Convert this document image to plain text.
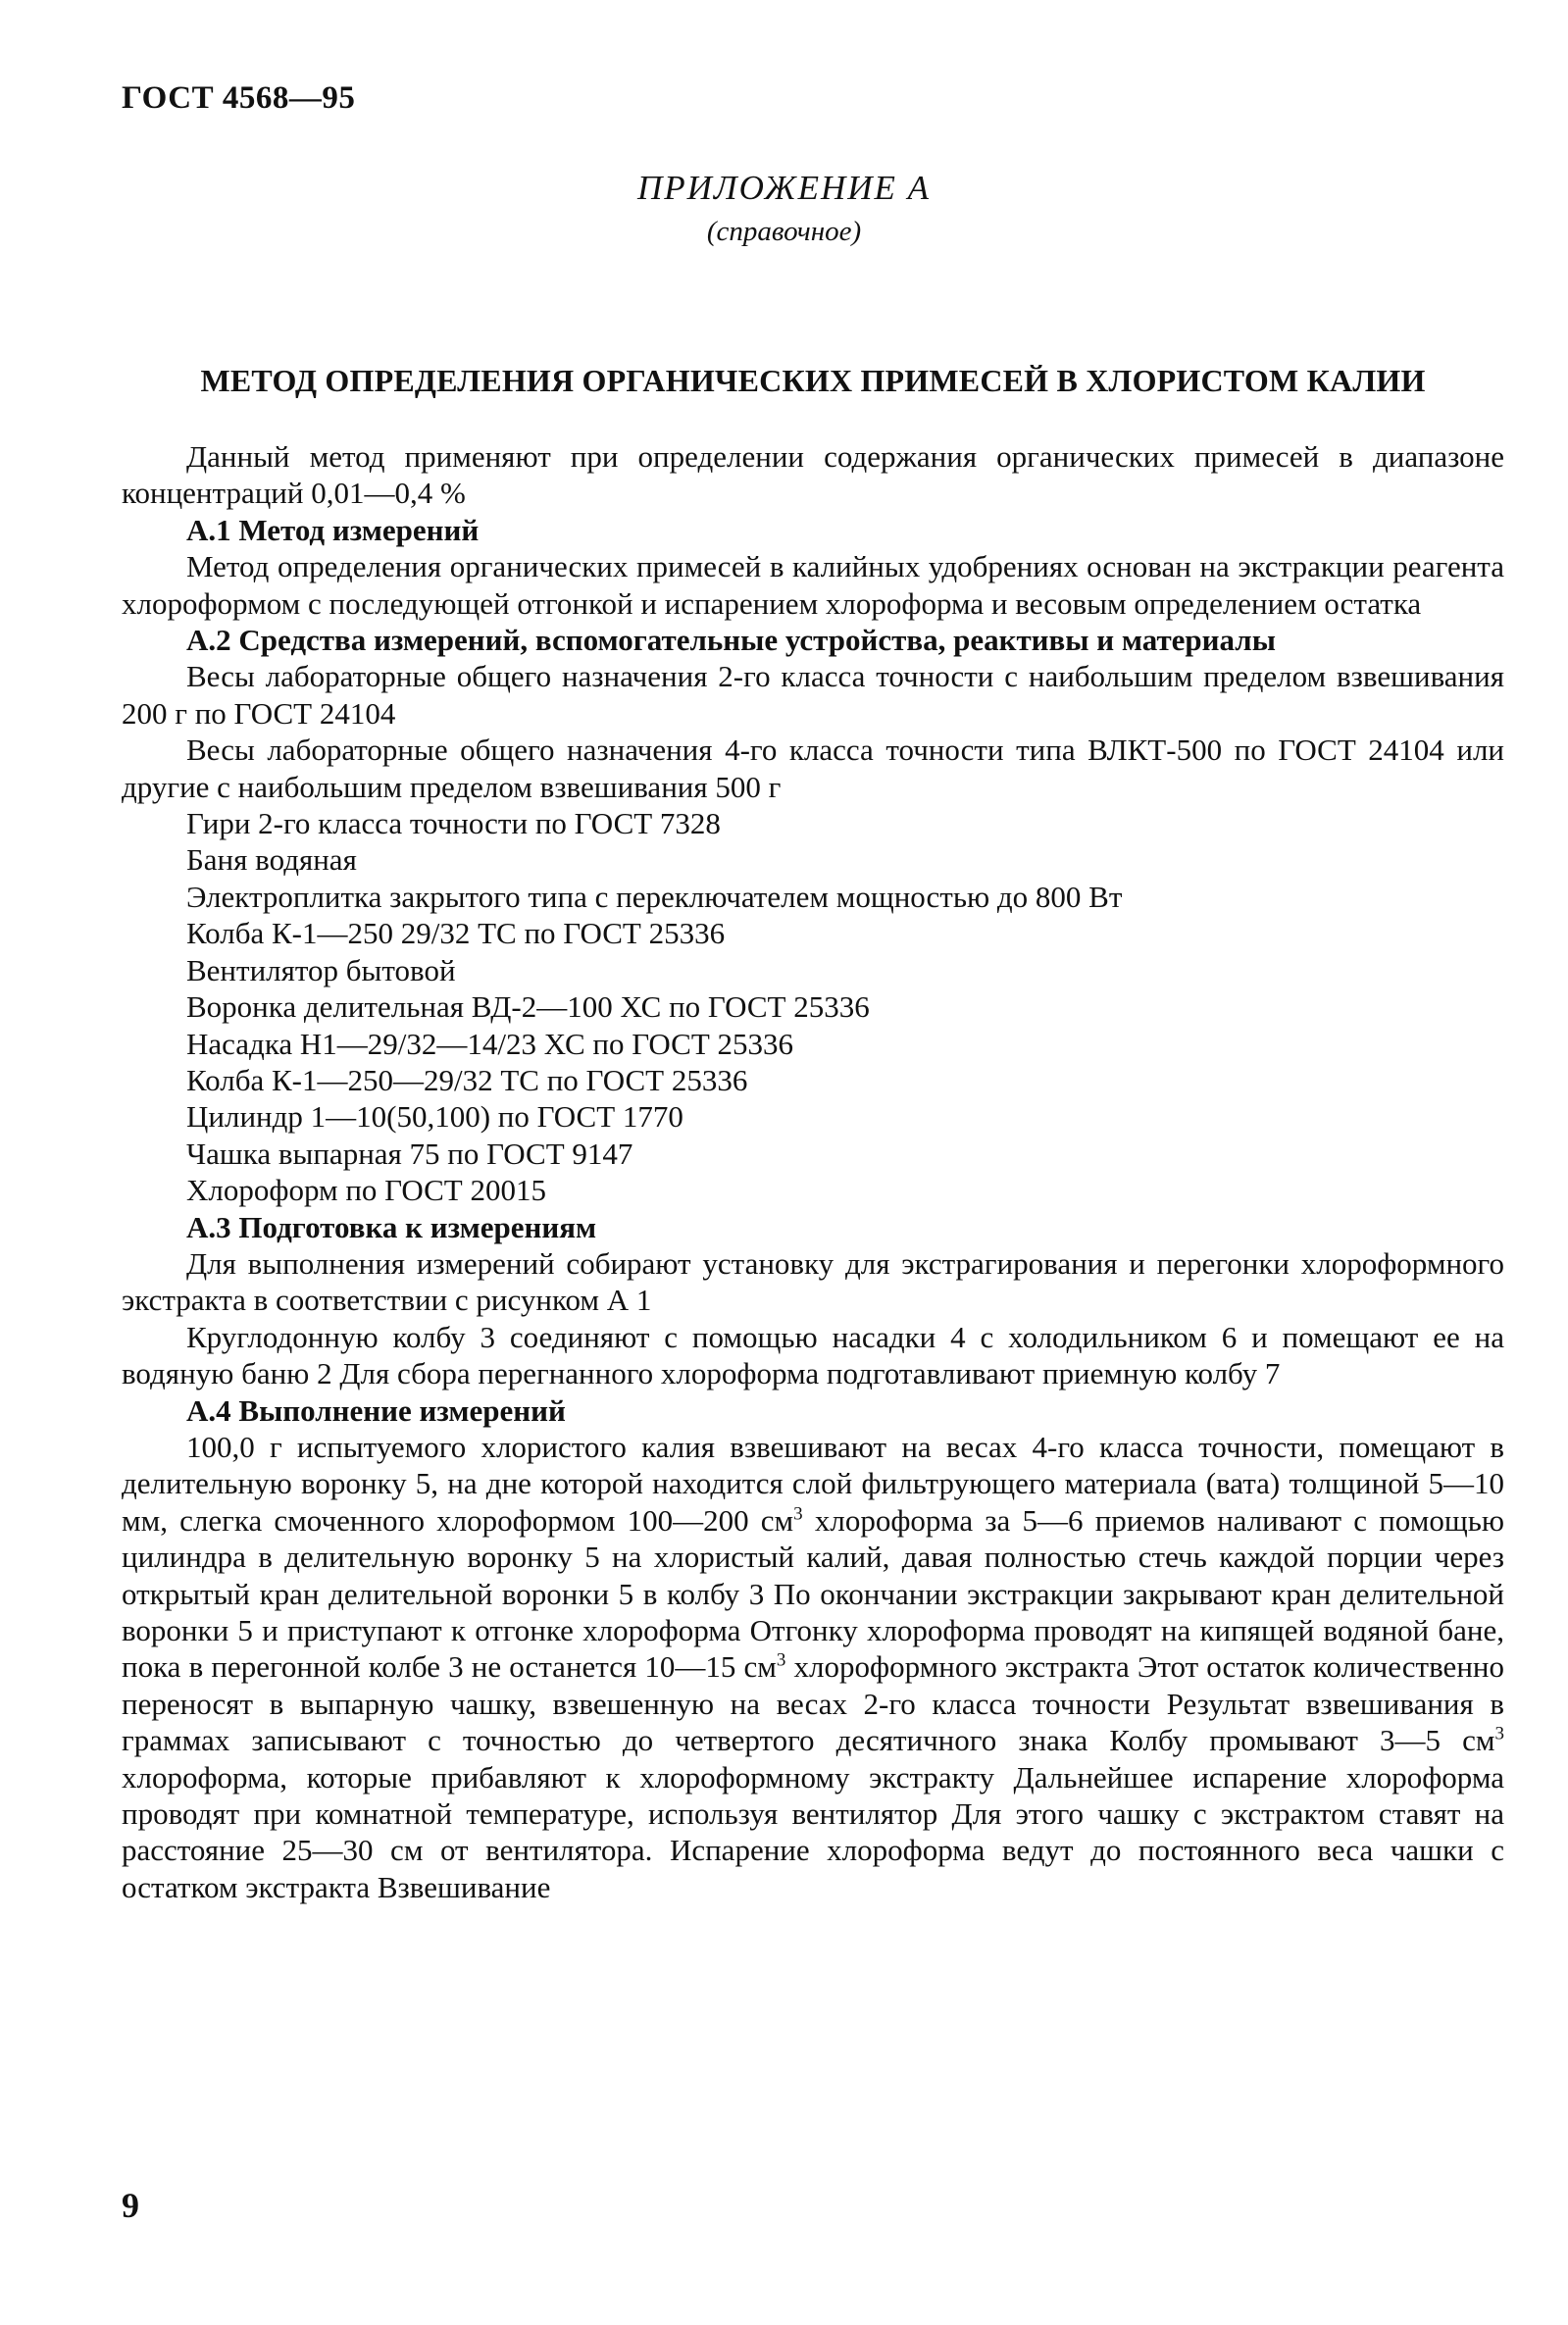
ГОСТ 4568—95
ПРИЛОЖЕНИЕ А
(справочное)
МЕТОД ОПРЕДЕЛЕНИЯ ОРГАНИЧЕСКИХ ПРИМЕСЕЙ В ХЛОРИСТОМ КАЛИИ

Данный метод применяют при определении содержания органических примесей в диапазоне концентраций 0,01—0,4 %

А.1 Метод измерений

Метод определения органических примесей в калийных удобрениях основан на экстракции реагента хлороформом с последующей отгонкой и испарением хлороформа и весовым определением остатка

А.2 Средства измерений, вспомогательные устройства, реактивы и материалы

Весы лабораторные общего назначения 2-го класса точности с наибольшим пределом взвешивания 200 г по ГОСТ 24104

Весы лабораторные общего назначения 4-го класса точности типа ВЛКТ-500 по ГОСТ 24104 или другие с наибольшим пределом взвешивания 500 г

Гири 2-го класса точности по ГОСТ 7328

Баня водяная

Электроплитка закрытого типа с переключателем мощностью до 800 Вт

Колба К-1—250 29/32 ТС по ГОСТ 25336

Вентилятор бытовой

Воронка делительная ВД-2—100 ХС по ГОСТ 25336

Насадка Н1—29/32—14/23 ХС по ГОСТ 25336

Колба К-1—250—29/32 ТС по ГОСТ 25336

Цилиндр 1—10(50,100) по ГОСТ 1770

Чашка выпарная 75 по ГОСТ 9147

Хлороформ по ГОСТ 20015

А.3 Подготовка к измерениям

Для выполнения измерений собирают установку для экстрагирования и перегонки хлороформного экстракта в соответствии с рисунком А 1

Круглодонную колбу 3 соединяют с помощью насадки 4 с холодильником 6 и помещают ее на водяную баню 2 Для сбора перегнанного хлороформа подготавливают приемную колбу 7

А.4 Выполнение измерений

100,0 г испытуемого хлористого калия взвешивают на весах 4-го класса точности, помещают в делительную воронку 5, на дне которой находится слой фильтрующего материала (вата) толщиной 5—10 мм, слегка смоченного хлороформом 100—200 $см^3$ хлороформа за 5—6 приемов наливают с помощью цилиндра в делительную воронку 5 на хлористый калий, давая полностью стечь каждой порции через открытый кран делительной воронки 5 в колбу 3 По окончании экстракции закрывают кран делительной воронки 5 и приступают к отгонке хлороформа Отгонку хлороформа проводят на кипящей водяной бане, пока в перегонной колбе 3 не останется 10—15 $см^3$ хлороформного экстракта Этот остаток количественно переносят в выпарную чашку, взвешенную на весах 2-го класса точности Результат взвешивания в граммах записывают с точностью до четвертого десятичного знака Колбу промывают 3—5 $см^3$ хлороформа, которые прибавляют к хлороформному экстракту Дальнейшее испарение хлороформа проводят при комнатной температуре, используя вентилятор Для этого чашку с экстрактом ставят на расстояние 25—30 см от вентилятора. Испарение хлороформа ведут до постоянного веса чашки с остатком экстракта Взвешивание

9
